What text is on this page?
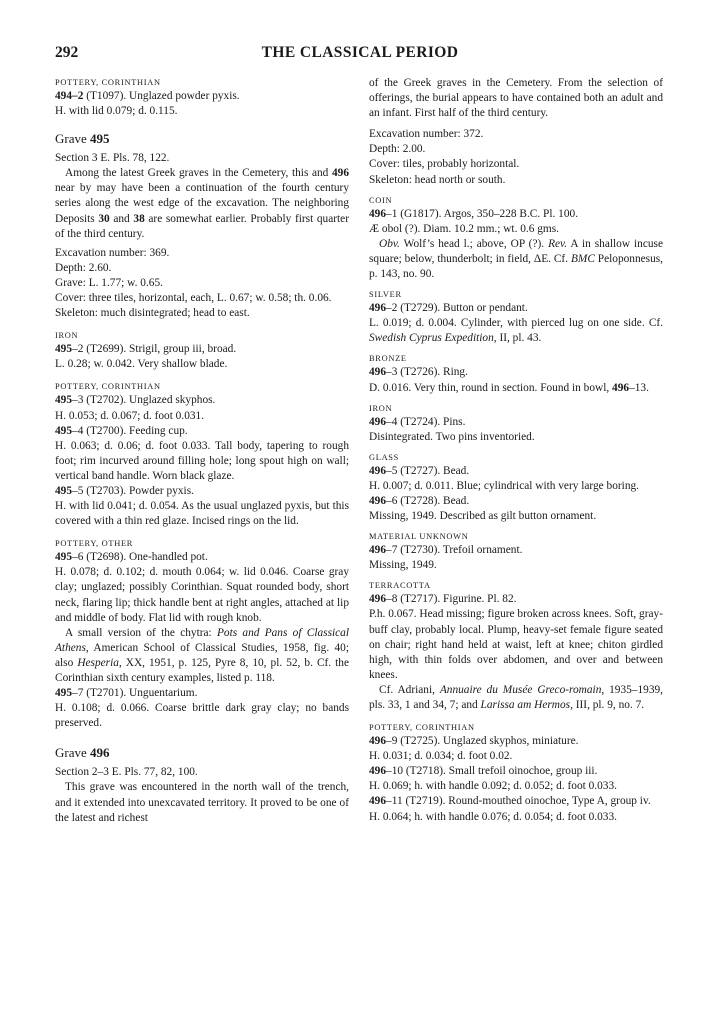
292	THE CLASSICAL PERIOD

POTTERY, CORINTHIAN

494–2 (T1097). Unglazed powder pyxis.

H. with lid 0.079; d. 0.115.

Grave 495

Section 3 E. Pls. 78, 122.

Among the latest Greek graves in the Cemetery, this and 496 near by may have been a continuation of the fourth century series along the west edge of the excavation. The neighboring Deposits 30 and 38 are somewhat earlier. Probably first quarter of the third century.

Excavation number: 369.

Depth: 2.60.

Grave: L. 1.77; w. 0.65.

Cover: three tiles, horizontal, each, L. 0.67; w. 0.58; th. 0.06.

Skeleton: much disintegrated; head to east.

IRON

495–2 (T2699). Strigil, group iii, broad.

L. 0.28; w. 0.042. Very shallow blade.

POTTERY, CORINTHIAN

495–3 (T2702). Unglazed skyphos.

H. 0.053; d. 0.067; d. foot 0.031.

495–4 (T2700). Feeding cup.

H. 0.063; d. 0.06; d. foot 0.033. Tall body, tapering to rough foot; rim incurved around filling hole; long spout high on wall; vertical band handle. Worn black glaze.

495–5 (T2703). Powder pyxis.

H. with lid 0.041; d. 0.054. As the usual unglazed pyxis, but this covered with a thin red glaze. Incised rings on the lid.

POTTERY, OTHER

495–6 (T2698). One-handled pot.

H. 0.078; d. 0.102; d. mouth 0.064; w. lid 0.046. Coarse gray clay; unglazed; possibly Corinthian. Squat rounded body, short neck, flaring lip; thick handle bent at right angles, attached at lip and middle of body. Flat lid with rough knob.

A small version of the chytra: Pots and Pans of Classical Athens, American School of Classical Studies, 1958, fig. 40; also Hesperia, XX, 1951, p. 125, Pyre 8, 10, pl. 52, b. Cf. the Corinthian sixth century examples, listed p. 118.

495–7 (T2701). Unguentarium.

H. 0.108; d. 0.066. Coarse brittle dark gray clay; no bands preserved.

Grave 496

Section 2–3 E. Pls. 77, 82, 100.

This grave was encountered in the north wall of the trench, and it extended into unexcavated territory. It proved to be one of the latest and richest

of the Greek graves in the Cemetery. From the selection of offerings, the burial appears to have contained both an adult and an infant. First half of the third century.

Excavation number: 372.

Depth: 2.00.

Cover: tiles, probably horizontal.

Skeleton: head north or south.

COIN

496–1 (G1817). Argos, 350–228 B.C. Pl. 100.

Æ obol (?). Diam. 10.2 mm.; wt. 0.6 gms.

Obv. Wolf’s head l.; above, OP (?). Rev. A in shallow incuse square; below, thunderbolt; in field, ΔE. Cf. BMC Peloponnesus, p. 143, no. 90.

SILVER

496–2 (T2729). Button or pendant.

L. 0.019; d. 0.004. Cylinder, with pierced lug on one side. Cf. Swedish Cyprus Expedition, II, pl. 43.

BRONZE

496–3 (T2726). Ring.

D. 0.016. Very thin, round in section. Found in bowl, 496–13.

IRON

496–4 (T2724). Pins.

Disintegrated. Two pins inventoried.

GLASS

496–5 (T2727). Bead.

H. 0.007; d. 0.011. Blue; cylindrical with very large boring.

496–6 (T2728). Bead.

Missing, 1949. Described as gilt button ornament.

MATERIAL UNKNOWN

496–7 (T2730). Trefoil ornament.

Missing, 1949.

TERRACOTTA

496–8 (T2717). Figurine. Pl. 82.

P.h. 0.067. Head missing; figure broken across knees. Soft, gray-buff clay, probably local. Plump, heavy-set female figure seated on chair; right hand held at waist, left at knee; chiton girdled high, with thin folds over abdomen, and over and between knees.

Cf. Adriani, Annuaire du Musée Greco-romain, 1935–1939, pls. 33, 1 and 34, 7; and Larissa am Hermos, III, pl. 9, no. 7.

POTTERY, CORINTHIAN

496–9 (T2725). Unglazed skyphos, miniature.

H. 0.031; d. 0.034; d. foot 0.02.

496–10 (T2718). Small trefoil oinochoe, group iii.

H. 0.069; h. with handle 0.092; d. 0.052; d. foot 0.033.

496–11 (T2719). Round-mouthed oinochoe, Type A, group iv.

H. 0.064; h. with handle 0.076; d. 0.054; d. foot 0.033.
